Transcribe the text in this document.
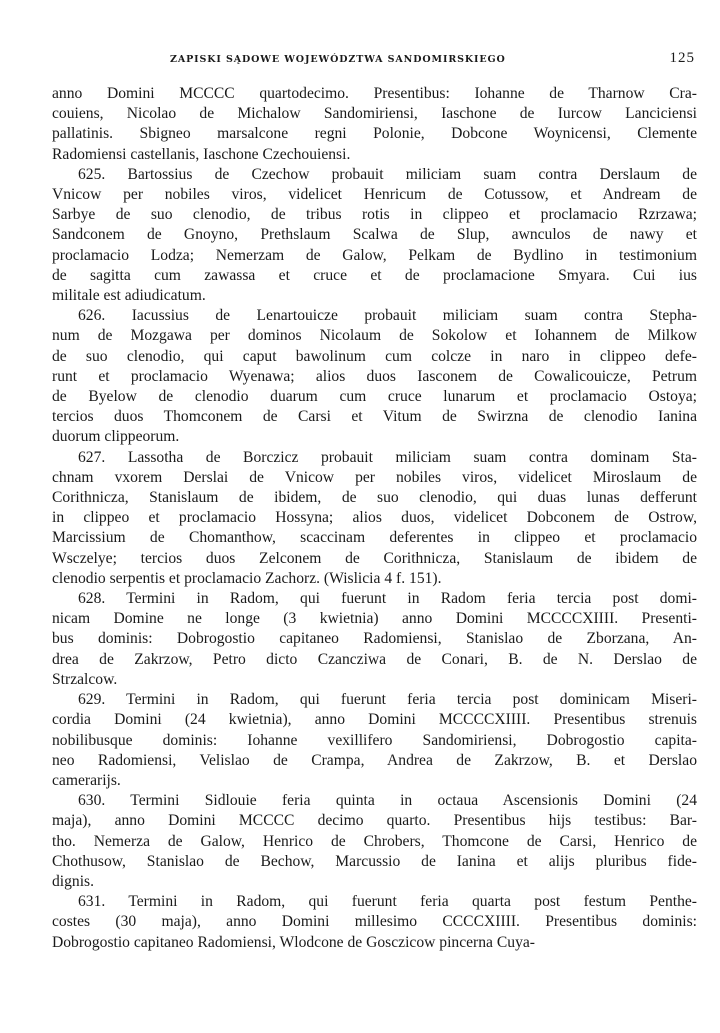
ZAPISKI SĄDOWE WOJEWÓDZTWA SANDOMIRSKIEGO	125
anno Domini MCCCC quartodecimo. Presentibus: Iohanne de Tharnow Cra-
couiens, Nicolao de Michalow Sandomiriensi, Iaschone de Iurcow Lanciciensi
pallatinis. Sbigneo marsalcone regni Polonie, Dobcone Woynicensi, Clemente
Radomiensi castellanis, Iaschone Czechouiensi.
625. Bartossius de Czechow probauit miliciam suam contra Derslaum de
Vnicow per nobiles viros, videlicet Henricum de Cotussow, et Andream de
Sarbye de suo clenodio, de tribus rotis in clippeo et proclamacio Rzrzawa;
Sandconem de Gnoyno, Prethslaum Scalwa de Slup, awnculos de nawy et
proclamacio Lodza; Nemerzam de Galow, Pelkam de Bydlino in testimonium
de sagitta cum zawassa et cruce et de proclamacione Smyara. Cui ius
militale est adiudicatum.
626. Iacussius de Lenartouicze probauit miliciam suam contra Stepha-
num de Mozgawa per dominos Nicolaum de Sokolow et Iohannem de Milkow
de suo clenodio, qui caput bawolinum cum colcze in naro in clippeo defe-
runt et proclamacio Wyenawa; alios duos Iasconem de Cowalicouicze, Petrum
de Byelow de clenodio duarum cum cruce lunarum et proclamacio Ostoya;
tercios duos Thomconem de Carsi et Vitum de Swirzna de clenodio Ianina
duorum clippeorum.
627. Lassotha de Borczicz probauit miliciam suam contra dominam Sta-
chnam vxorem Derslai de Vnicow per nobiles viros, videlicet Miroslaum de
Corithnicza, Stanislaum de ibidem, de suo clenodio, qui duas lunas defferunt
in clippeo et proclamacio Hossyna; alios duos, videlicet Dobconem de Ostrow,
Marcissium de Chomanthow, scaccinam deferentes in clippeo et proclamacio
Wsczelye; tercios duos Zelconem de Corithnicza, Stanislaum de ibidem de
clenodio serpentis et proclamacio Zachorz. (Wislicia 4 f. 151).
628. Termini in Radom, qui fuerunt in Radom feria tercia post domi-
nicam Domine ne longe (3 kwietnia) anno Domini MCCCCXIIII. Presenti-
bus dominis: Dobrogostio capitaneo Radomiensi, Stanislao de Zborzana, An-
drea de Zakrzow, Petro dicto Czancziwa de Conari, B. de N. Derslao de
Strzalcow.
629. Termini in Radom, qui fuerunt feria tercia post dominicam Miseri-
cordia Domini (24 kwietnia), anno Domini MCCCCXIIII. Presentibus strenuis
nobilibusque dominis: Iohanne vexillifero Sandomiriensi, Dobrogostio capita-
neo Radomiensi, Velislao de Crampa, Andrea de Zakrzow, B. et Derslao
camerarijs.
630. Termini Sidlouie feria quinta in octaua Ascensionis Domini (24
maja), anno Domini MCCCC decimo quarto. Presentibus hijs testibus: Bar-
tho. Nemerza de Galow, Henrico de Chrobers, Thomcone de Carsi, Henrico de
Chothusow, Stanislao de Bechow, Marcussio de Ianina et alijs pluribus fide-
dignis.
631. Termini in Radom, qui fuerunt feria quarta post festum Penthe-
costes (30 maja), anno Domini millesimo CCCCXIIII. Presentibus dominis:
Dobrogostio capitaneo Radomiensi, Wlodcone de Gosczicow pincerna Cuya-
